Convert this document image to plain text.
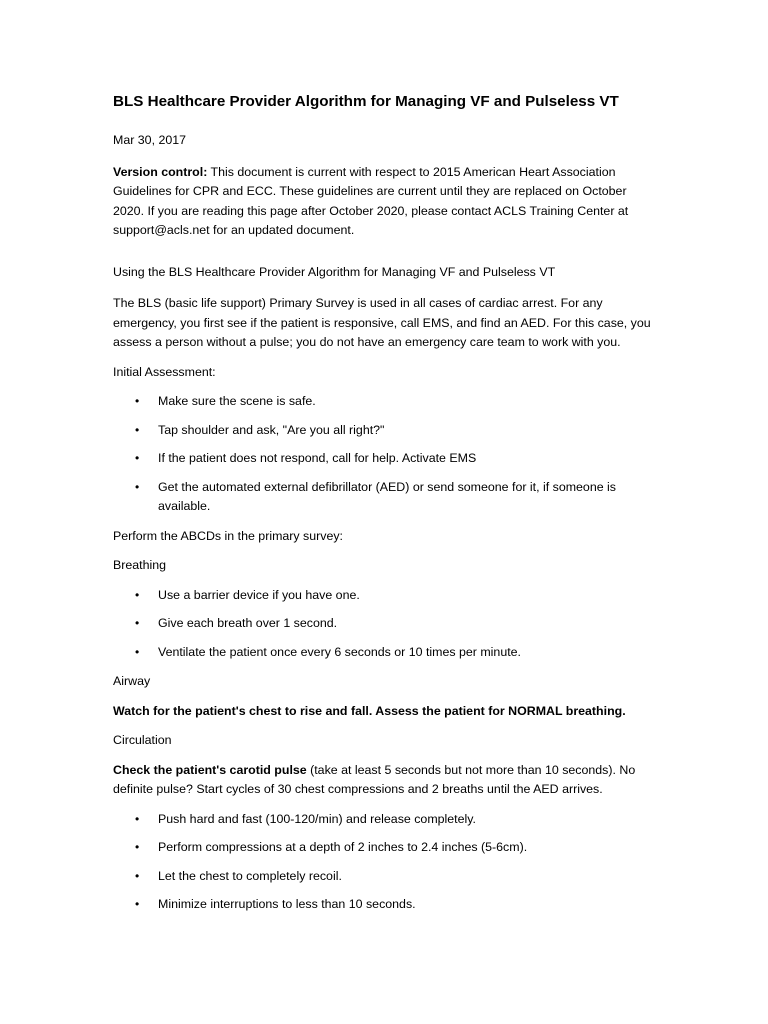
BLS Healthcare Provider Algorithm for Managing VF and Pulseless VT

Mar 30, 2017

Version control: This document is current with respect to 2015 American Heart Association Guidelines for CPR and ECC. These guidelines are current until they are replaced on October 2020. If you are reading this page after October 2020, please contact ACLS Training Center at support@acls.net for an updated document.

Using the BLS Healthcare Provider Algorithm for Managing VF and Pulseless VT

The BLS (basic life support) Primary Survey is used in all cases of cardiac arrest. For any emergency, you first see if the patient is responsive, call EMS, and find an AED. For this case, you assess a person without a pulse; you do not have an emergency care team to work with you.

Initial Assessment:

• Make sure the scene is safe.
• Tap shoulder and ask, "Are you all right?"
• If the patient does not respond, call for help. Activate EMS
• Get the automated external defibrillator (AED) or send someone for it, if someone is available.

Perform the ABCDs in the primary survey:

Breathing

• Use a barrier device if you have one.
• Give each breath over 1 second.
• Ventilate the patient once every 6 seconds or 10 times per minute.

Airway

Watch for the patient's chest to rise and fall. Assess the patient for NORMAL breathing.

Circulation

Check the patient's carotid pulse (take at least 5 seconds but not more than 10 seconds). No definite pulse? Start cycles of 30 chest compressions and 2 breaths until the AED arrives.

• Push hard and fast (100-120/min) and release completely.
• Perform compressions at a depth of 2 inches to 2.4 inches (5-6cm).
• Let the chest to completely recoil.
• Minimize interruptions to less than 10 seconds.
